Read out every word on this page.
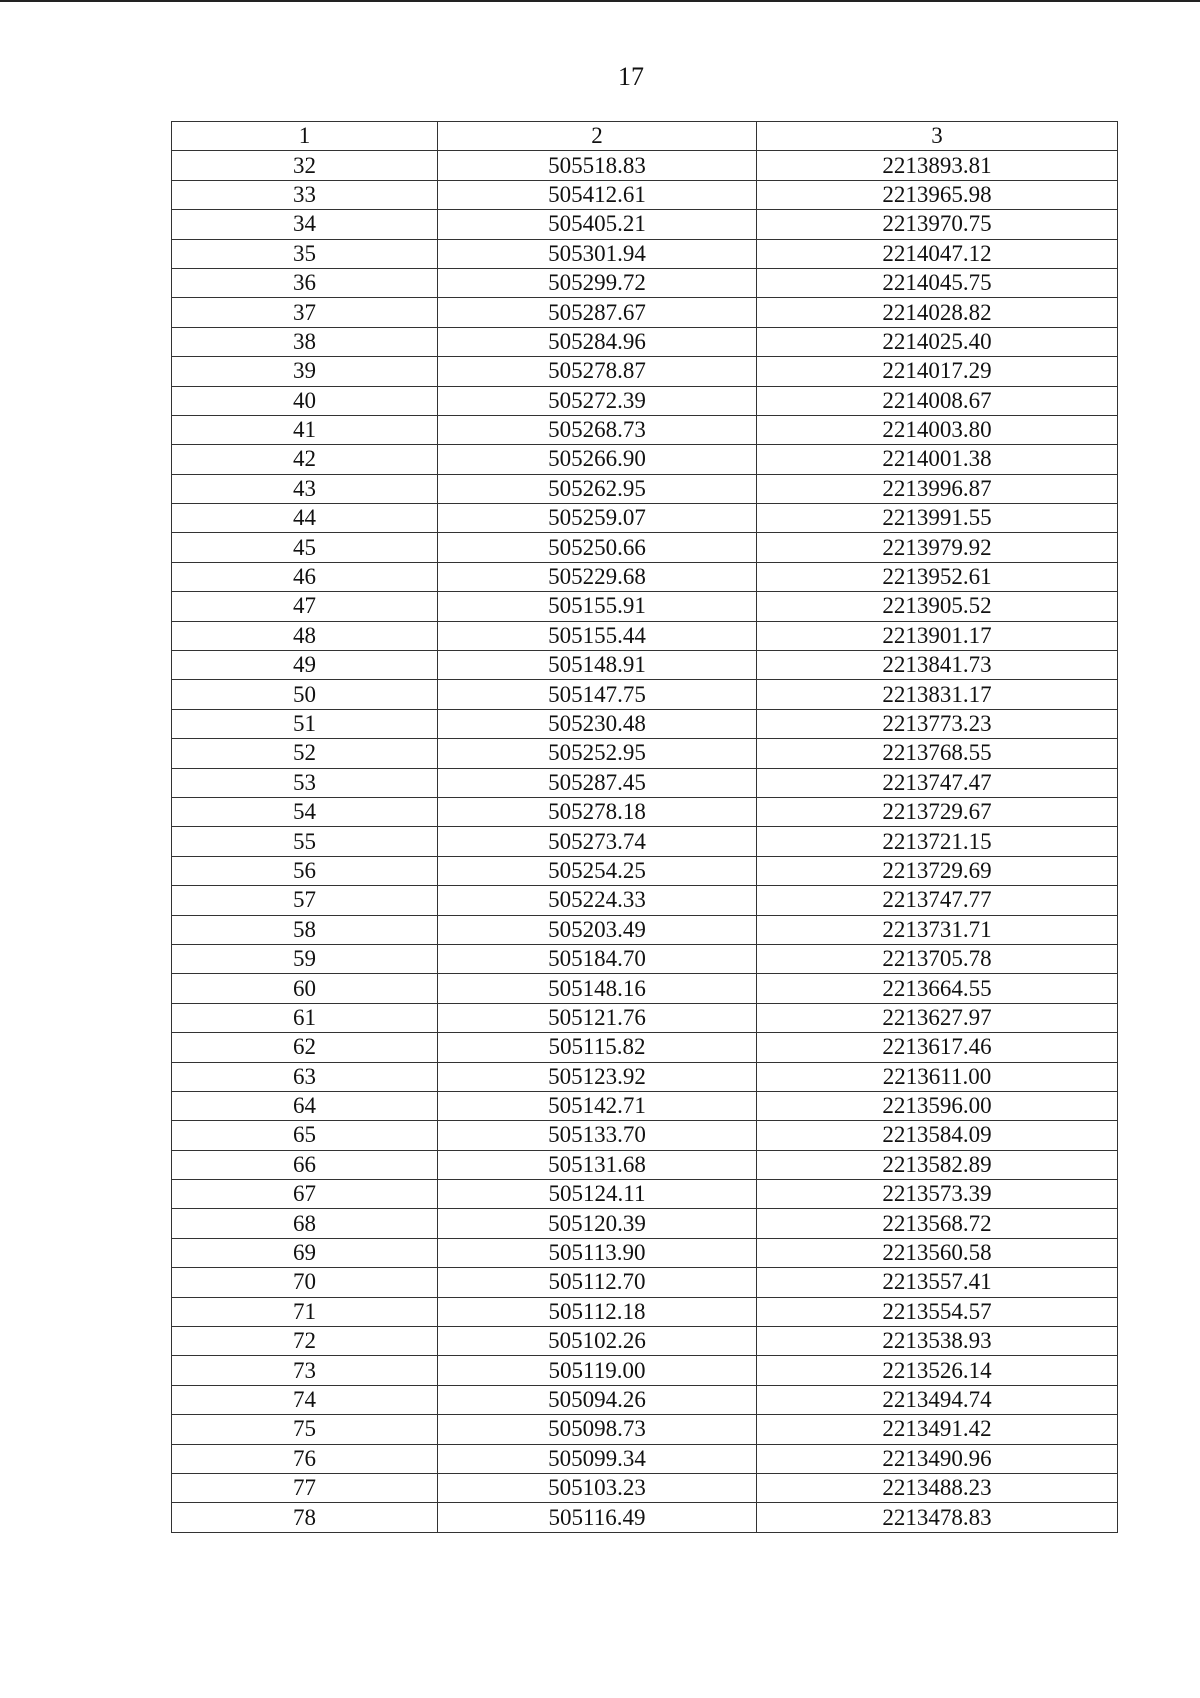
17
1	2	3
32	505518.83	2213893.81
33	505412.61	2213965.98
34	505405.21	2213970.75
35	505301.94	2214047.12
36	505299.72	2214045.75
37	505287.67	2214028.82
38	505284.96	2214025.40
39	505278.87	2214017.29
40	505272.39	2214008.67
41	505268.73	2214003.80
42	505266.90	2214001.38
43	505262.95	2213996.87
44	505259.07	2213991.55
45	505250.66	2213979.92
46	505229.68	2213952.61
47	505155.91	2213905.52
48	505155.44	2213901.17
49	505148.91	2213841.73
50	505147.75	2213831.17
51	505230.48	2213773.23
52	505252.95	2213768.55
53	505287.45	2213747.47
54	505278.18	2213729.67
55	505273.74	2213721.15
56	505254.25	2213729.69
57	505224.33	2213747.77
58	505203.49	2213731.71
59	505184.70	2213705.78
60	505148.16	2213664.55
61	505121.76	2213627.97
62	505115.82	2213617.46
63	505123.92	2213611.00
64	505142.71	2213596.00
65	505133.70	2213584.09
66	505131.68	2213582.89
67	505124.11	2213573.39
68	505120.39	2213568.72
69	505113.90	2213560.58
70	505112.70	2213557.41
71	505112.18	2213554.57
72	505102.26	2213538.93
73	505119.00	2213526.14
74	505094.26	2213494.74
75	505098.73	2213491.42
76	505099.34	2213490.96
77	505103.23	2213488.23
78	505116.49	2213478.83
